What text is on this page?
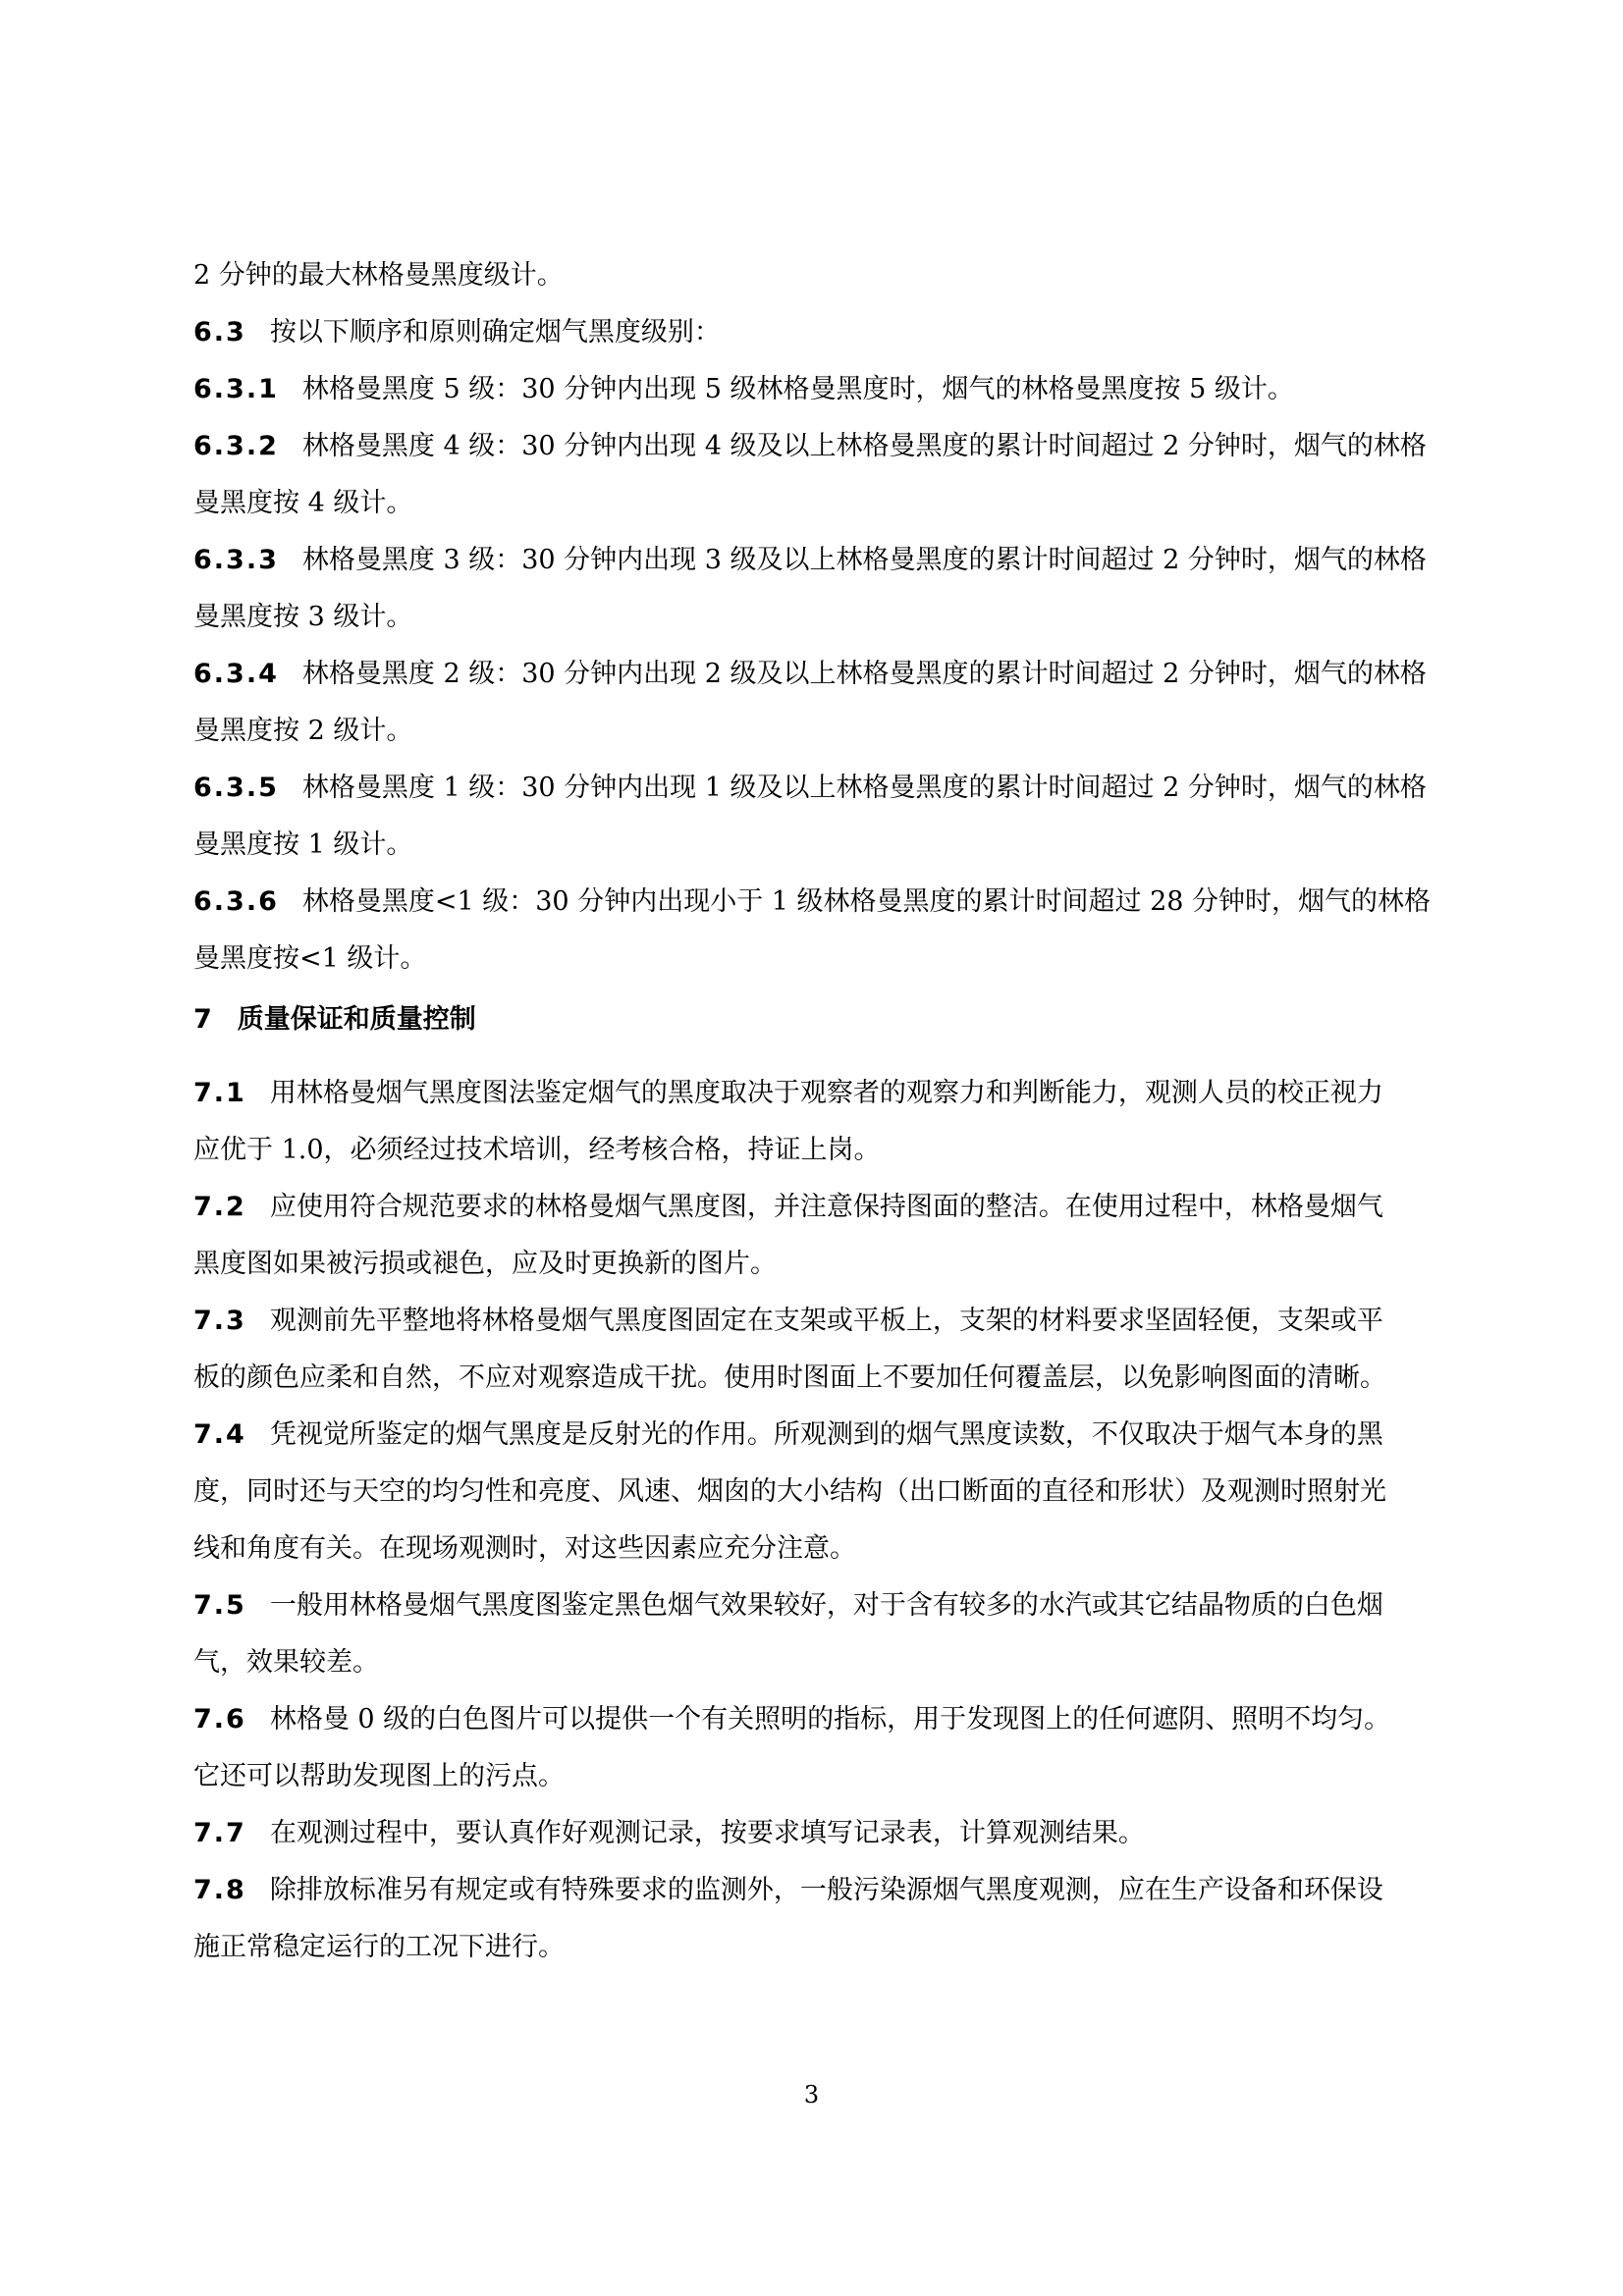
2 分钟的最大林格曼黑度级计。

6.3 按以下顺序和原则确定烟气黑度级别：

6.3.1 林格曼黑度 5 级：30 分钟内出现 5 级林格曼黑度时，烟气的林格曼黑度按 5 级计。

6.3.2 林格曼黑度 4 级：30 分钟内出现 4 级及以上林格曼黑度的累计时间超过 2 分钟时，烟气的林格
曼黑度按 4 级计。

6.3.3 林格曼黑度 3 级：30 分钟内出现 3 级及以上林格曼黑度的累计时间超过 2 分钟时，烟气的林格
曼黑度按 3 级计。

6.3.4 林格曼黑度 2 级：30 分钟内出现 2 级及以上林格曼黑度的累计时间超过 2 分钟时，烟气的林格
曼黑度按 2 级计。

6.3.5 林格曼黑度 1 级：30 分钟内出现 1 级及以上林格曼黑度的累计时间超过 2 分钟时，烟气的林格
曼黑度按 1 级计。

6.3.6 林格曼黑度<1 级：30 分钟内出现小于 1 级林格曼黑度的累计时间超过 28 分钟时，烟气的林格
曼黑度按<1 级计。

7 质量保证和质量控制

7.1 用林格曼烟气黑度图法鉴定烟气的黑度取决于观察者的观察力和判断能力，观测人员的校正视力
应优于 1.0，必须经过技术培训，经考核合格，持证上岗。

7.2 应使用符合规范要求的林格曼烟气黑度图，并注意保持图面的整洁。在使用过程中，林格曼烟气
黑度图如果被污损或褪色，应及时更换新的图片。

7.3 观测前先平整地将林格曼烟气黑度图固定在支架或平板上，支架的材料要求坚固轻便，支架或平
板的颜色应柔和自然，不应对观察造成干扰。使用时图面上不要加任何覆盖层，以免影响图面的清晰。

7.4 凭视觉所鉴定的烟气黑度是反射光的作用。所观测到的烟气黑度读数，不仅取决于烟气本身的黑
度，同时还与天空的均匀性和亮度、风速、烟囱的大小结构（出口断面的直径和形状）及观测时照射光
线和角度有关。在现场观测时，对这些因素应充分注意。

7.5 一般用林格曼烟气黑度图鉴定黑色烟气效果较好，对于含有较多的水汽或其它结晶物质的白色烟
气，效果较差。

7.6 林格曼 0 级的白色图片可以提供一个有关照明的指标，用于发现图上的任何遮阴、照明不均匀。
它还可以帮助发现图上的污点。

7.7 在观测过程中，要认真作好观测记录，按要求填写记录表，计算观测结果。

7.8 除排放标准另有规定或有特殊要求的监测外，一般污染源烟气黑度观测，应在生产设备和环保设
施正常稳定运行的工况下进行。

3
